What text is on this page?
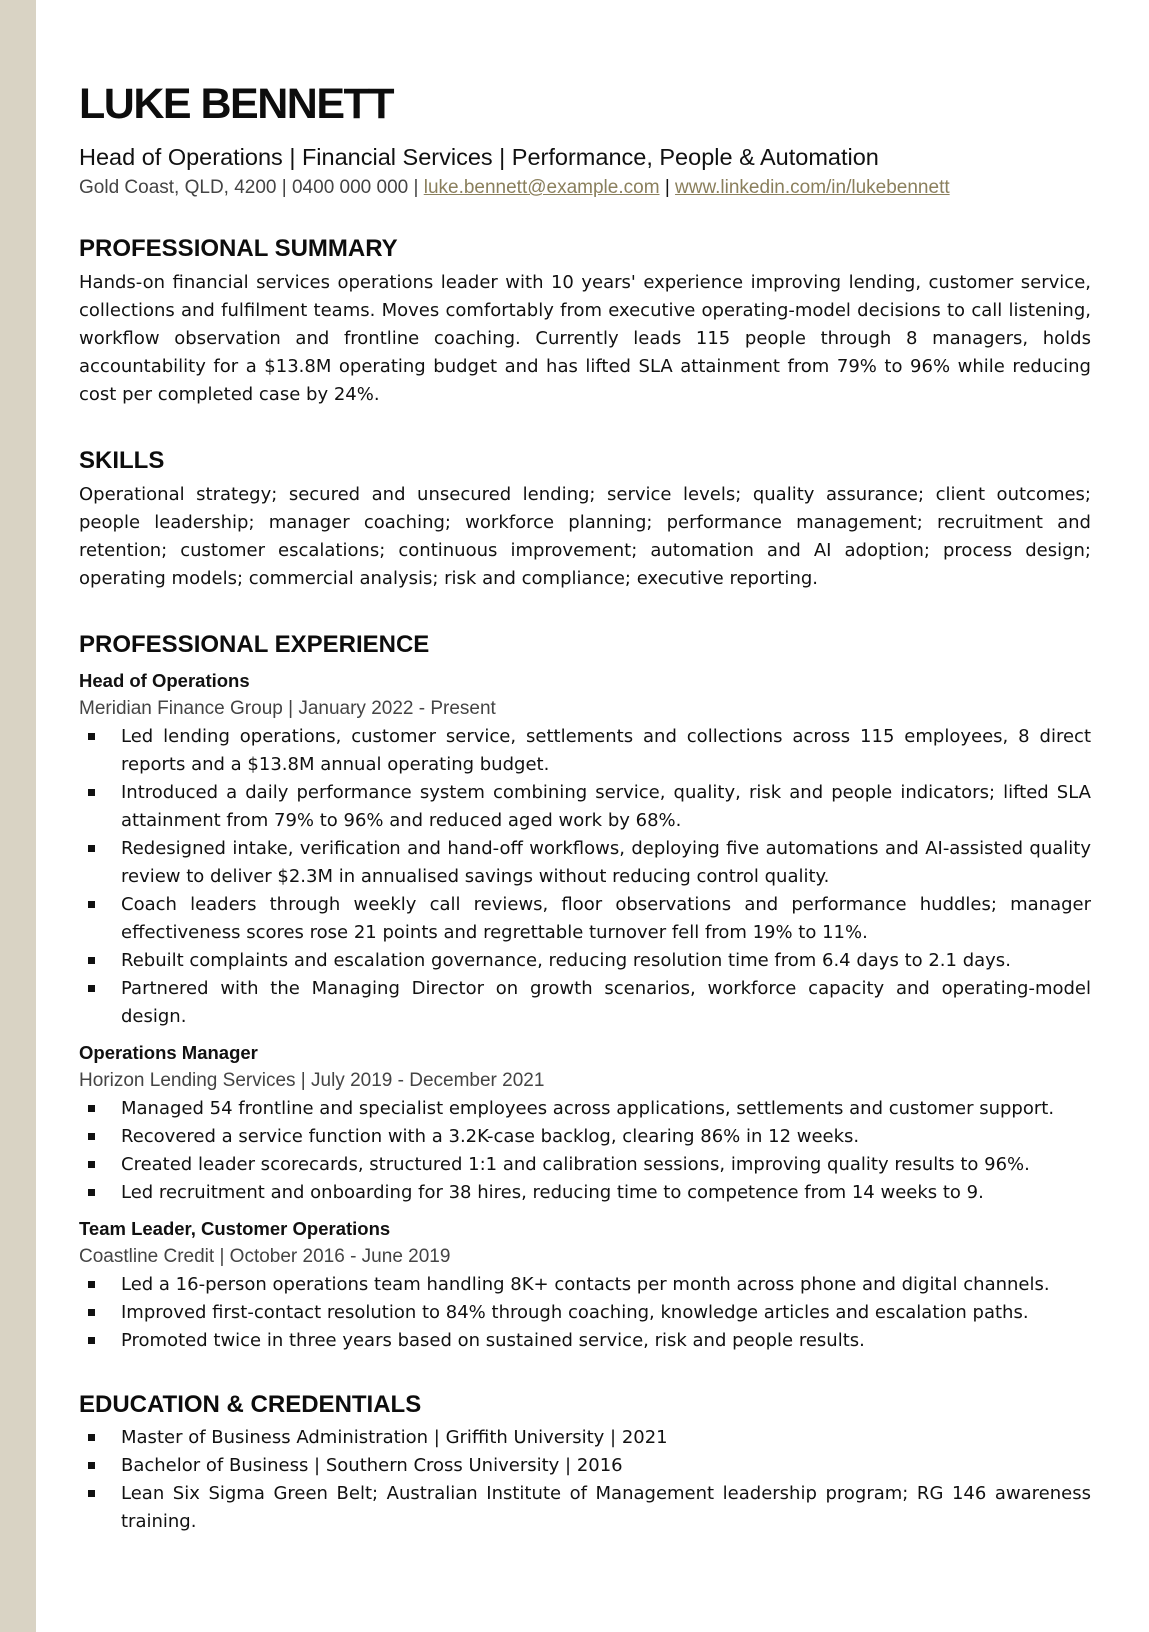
LUKE BENNETT
Head of Operations | Financial Services | Performance, People & Automation
Gold Coast, QLD, 4200 | 0400 000 000 | luke.bennett@example.com | www.linkedin.com/in/lukebennett
PROFESSIONAL SUMMARY

Hands-on financial services operations leader with 10 years' experience improving lending, customer service, collections and fulfilment teams. Moves comfortably from executive operating-model decisions to call listening, workflow observation and frontline coaching. Currently leads 115 people through 8 managers, holds accountability for a $13.8M operating budget and has lifted SLA attainment from 79% to 96% while reducing cost per completed case by 24%.

SKILLS

Operational strategy; secured and unsecured lending; service levels; quality assurance; client outcomes; people leadership; manager coaching; workforce planning; performance management; recruitment and retention; customer escalations; continuous improvement; automation and AI adoption; process design; operating models; commercial analysis; risk and compliance; executive reporting.

PROFESSIONAL EXPERIENCE
Head of Operations
Meridian Finance Group | January 2022 - Present
Led lending operations, customer service, settlements and collections across 115 employees, 8 direct reports and a $13.8M annual operating budget.
Introduced a daily performance system combining service, quality, risk and people indicators; lifted SLA attainment from 79% to 96% and reduced aged work by 68%.
Redesigned intake, verification and hand-off workflows, deploying five automations and AI-assisted quality review to deliver $2.3M in annualised savings without reducing control quality.
Coach leaders through weekly call reviews, floor observations and performance huddles; manager effectiveness scores rose 21 points and regrettable turnover fell from 19% to 11%.
Rebuilt complaints and escalation governance, reducing resolution time from 6.4 days to 2.1 days.
Partnered with the Managing Director on growth scenarios, workforce capacity and operating-model design.
Operations Manager
Horizon Lending Services | July 2019 - December 2021
Managed 54 frontline and specialist employees across applications, settlements and customer support.
Recovered a service function with a 3.2K-case backlog, clearing 86% in 12 weeks.
Created leader scorecards, structured 1:1 and calibration sessions, improving quality results to 96%.
Led recruitment and onboarding for 38 hires, reducing time to competence from 14 weeks to 9.
Team Leader, Customer Operations
Coastline Credit | October 2016 - June 2019
Led a 16-person operations team handling 8K+ contacts per month across phone and digital channels.
Improved first-contact resolution to 84% through coaching, knowledge articles and escalation paths.
Promoted twice in three years based on sustained service, risk and people results.
EDUCATION & CREDENTIALS
Master of Business Administration | Griffith University | 2021
Bachelor of Business | Southern Cross University | 2016
Lean Six Sigma Green Belt; Australian Institute of Management leadership program; RG 146 awareness training.
